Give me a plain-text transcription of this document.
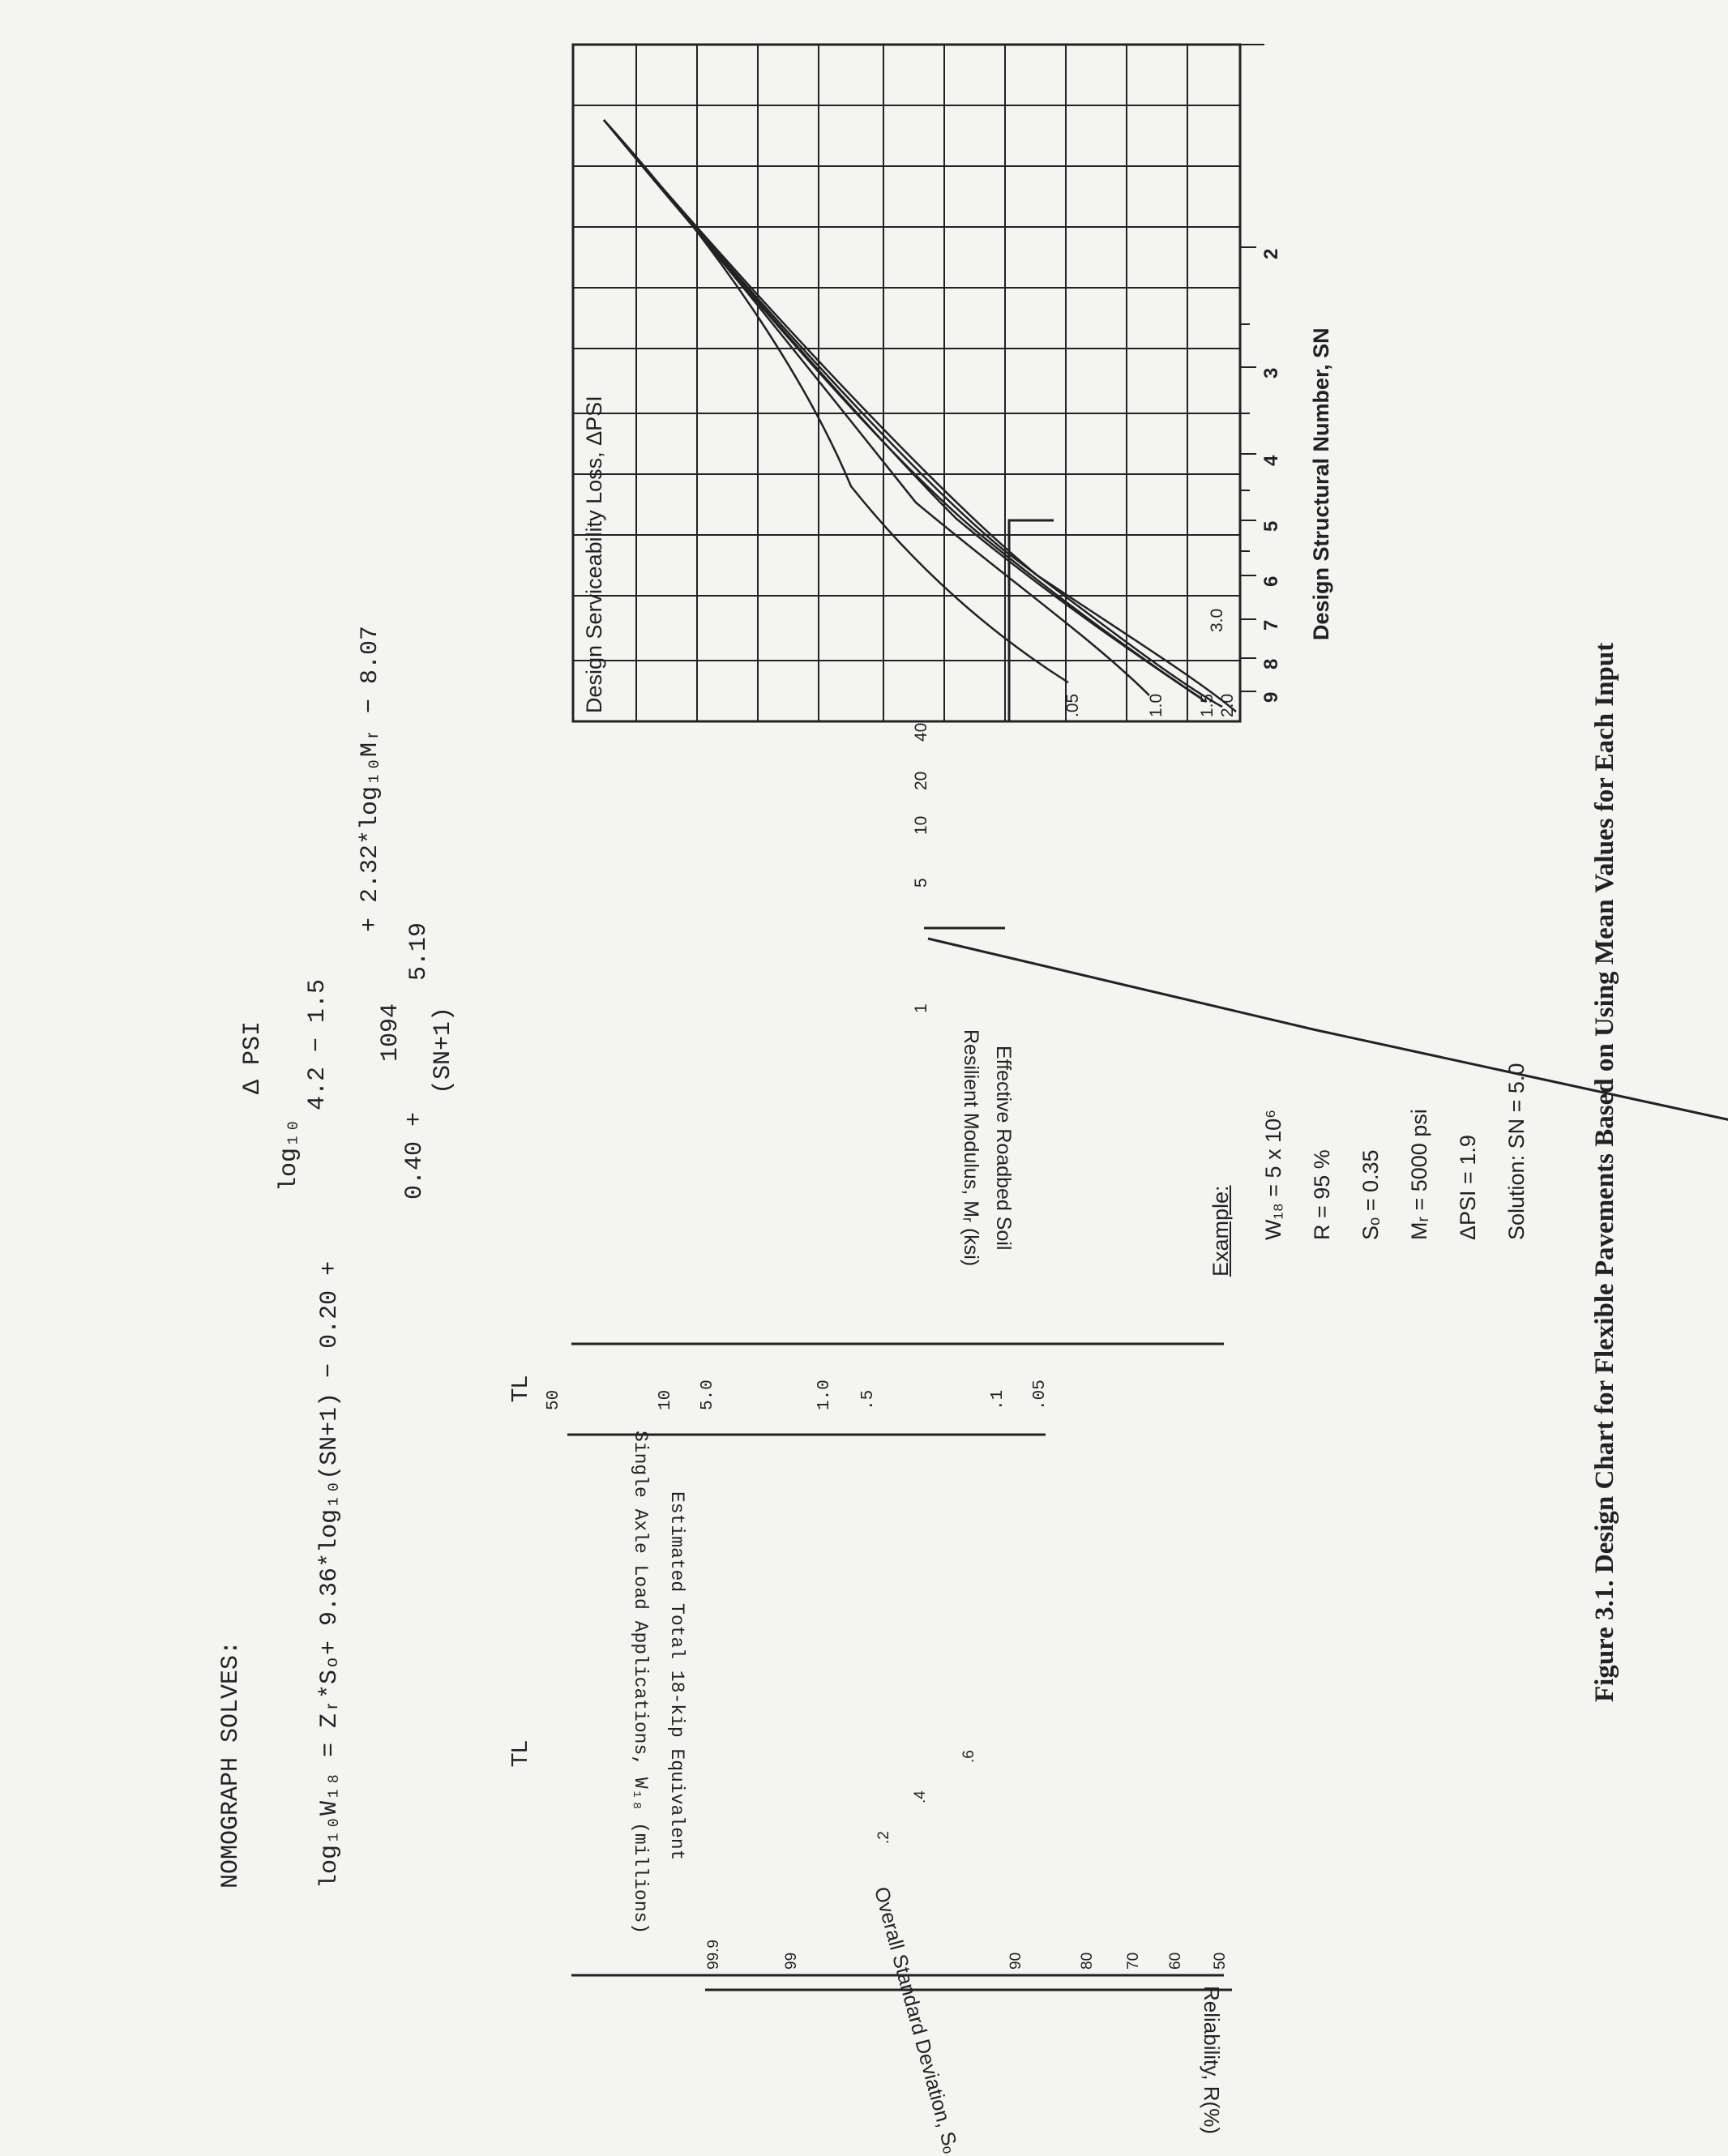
NOMOGRAPH SOLVES:	log₁₀W₁₈ = Zᵣ*Sₒ+ 9.36*log₁₀(SN+1) − 0.20 +
log₁₀
Δ PSI 4.2 − 1.5
0.40 +
1094 (SN+1)
5.19
+ 2.32*log₁₀Mᵣ − 8.07
Design Serviceability Loss, ΔPSI	Design Structural Number, SN
2
3
4
5
6
7
8
9
.05	1.0 1.5 2.0
3.0
Effective Roadbed Soil
Resilient Modulus, Mᵣ (ksi)
40
20
10
5
1
Estimated Total 18-kip Equivalent
Single Axle Load Applications, W₁₈ (millions)
50	10 5.0	1.0 .5	.1 .05
TL
TL
Reliability, R(%)
99.9	99	90	80 70 60 50
Overall Standard Deviation, Sₒ
.2
.4
.6
Example:	W₁₈ = 5 x 10⁶	R = 95 %	Sₒ = 0.35	Mᵣ = 5000 psi	ΔPSI = 1.9	Solution: SN = 5.0	Figure 3.1. Design Chart for Flexible Pavements Based on Using Mean Values for Each Input
